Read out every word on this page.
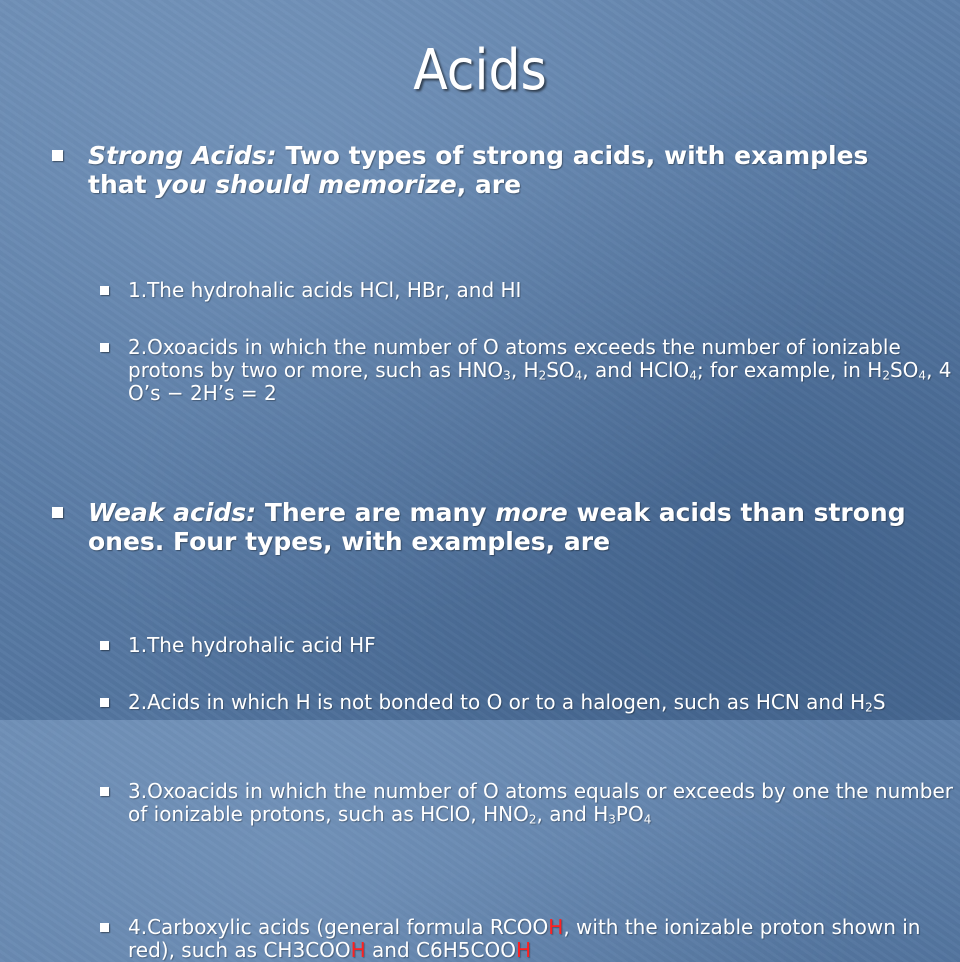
Acids
Strong Acids: Two types of strong acids, with examples that you should memorize, are
1.The hydrohalic acids HCl, HBr, and HI
2.Oxoacids in which the number of O atoms exceeds the number of ionizable protons by two or more, such as $HNO_3$, $H_2SO_4$, and HClO$_4$; for example, in $H_2SO_4$, 4 O’s − 2H’s = 2
Weak acids: There are many more weak acids than strong ones. Four types, with examples, are
1.The hydrohalic acid HF
2.Acids in which H is not bonded to O or to a halogen, such as HCN and $H_2S$
3.Oxoacids in which the number of O atoms equals or exceeds by one the number of ionizable protons, such as HClO, $HNO_2$, and $H_3PO_4$
4.Carboxylic acids (general formula RCOOH, with the ionizable proton shown in red), such as CH3COOH and C6H5COOH
